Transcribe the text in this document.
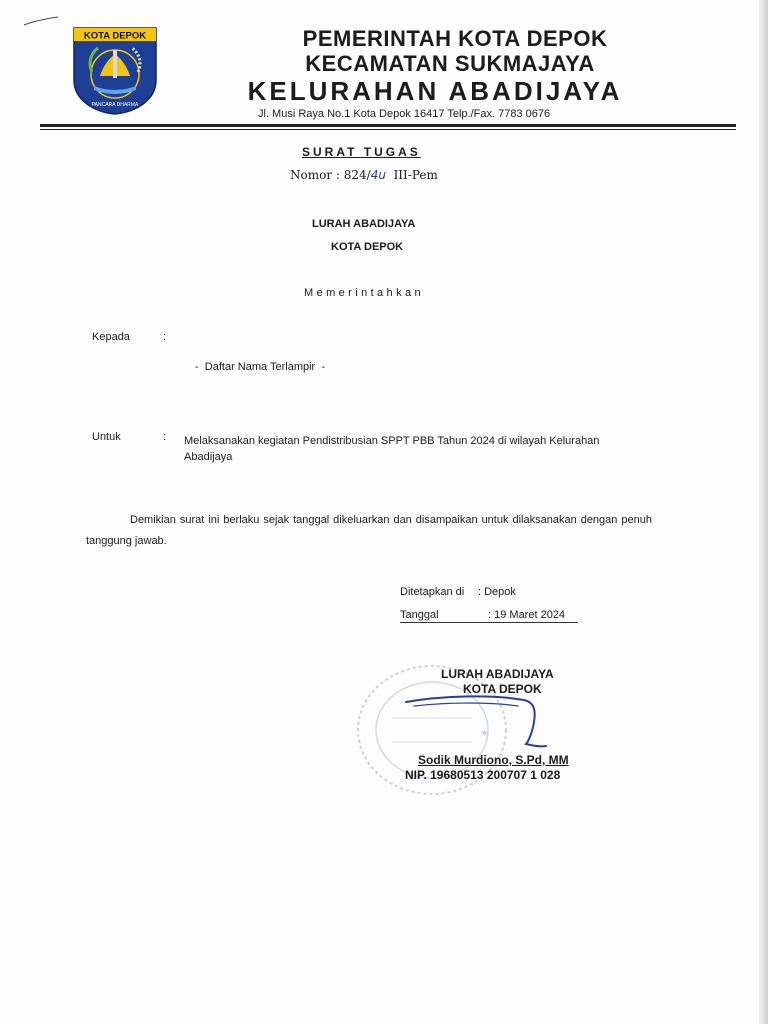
KOTA DEPOK
PANCARA DHARMA
PEMERINTAH KOTA DEPOK
KECAMATAN SUKMAJAYA
KELURAHAN ABADIJAYA
Jl. Musi Raya No.1 Kota Depok 16417 Telp./Fax. 7783 0676
SURAT TUGAS
Nomor : 824/4u  III-Pem
LURAH ABADIJAYA
KOTA DEPOK
Memerintahkan
Kepada	:
-  Daftar Nama Terlampir  -
Untuk	: Melaksanakan kegiatan Pendistribusian SPPT PBB Tahun 2024 di wilayah Kelurahan
Abadijaya
Demikian surat ini berlaku sejak tanggal dikeluarkan dan disampaikan untuk dilaksanakan dengan penuh tanggung jawab.
Ditetapkan di : Depok
Tanggal	: 19 Maret 2024
★
LURAH ABADIJAYA
KOTA DEPOK
Sodik Murdiono, S.Pd, MM
NIP. 19680513 200707 1 028
